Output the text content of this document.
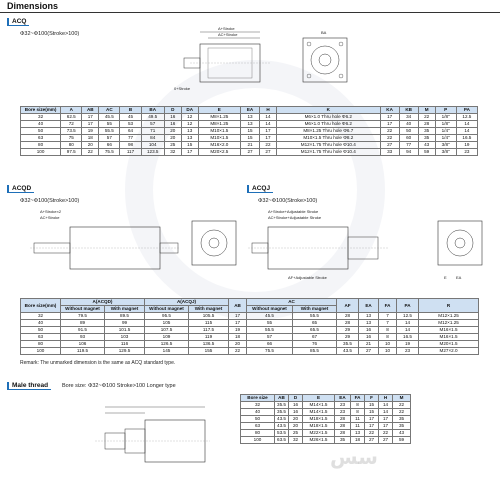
Dimensions
ﺳﺲ
ACQ
Φ32~Φ100(Stroke>100)
A+Stroke
AC+Stroke
0+Stroke
BA
Bore size(mm)	A	AB	AC	B	BA	D	DA	E	EA	H	K	KA	KB	M	P	PA
32	62.5	17	45.5	45	49.5	16	12	M8×1.25	13	14	M6×1.0 Thru hole Φ6.2	17	34	22	1/8"	12.5
40	72	17	55	53	57	16	12	M8×1.25	13	14	M6×1.0 Thru hole Φ6.2	17	40	28	1/8"	14
50	73.5	19	55.5	64	71	20	13	M10×1.5	15	17	M8×1.25 Thru hole Φ6.7	22	50	35	1/4"	14
63	75	18	57	77	84	20	13	M10×1.5	15	17	M10×1.5 Thru hole Φ8.2	22	60	35	1/4"	16.5
80	80	20	66	98	104	25	15	M16×2.0	21	22	M12×1.75 Thru hole Φ10.4	27	77	43	3/8"	19
100	97.5	22	75.5	117	123.5	32	17	M20×2.5	27	27	M12×1.75 Thru hole Φ10.4	33	94	59	3/8"	23
ACQD
Φ32~Φ100(Stroke>100)
A+Stroke×2
AC+Stroke
ACQJ
Φ32~Φ100(Stroke>100)
A+Stroke+Adjustable Stroke
AC+Stroke+Adjustable Stroke
AF+Adjustable Stroke	E EA
Bore size(mm)	A(ACQD)		A(ACQJ)		AB	AC		AF	EA	FA	PA	R
	Without magnet	With magnet	Without magnet	With magnet		Without magnet	With magnet					
32	79.5	89.5	95.5	105.5	17	45.5	55.5	28	13	7	12.5	M12×1.25
40	89	99	105	115	17	55	65	28	13	7	14	M12×1.25
50	91.5	101.5	107.5	117.5	19	55.5	65.5	29	16	8	14	M16×1.5
63	93	103	109	119	18	57	67	29	16	8	16.5	M16×1.5
80	106	116	126.5	136.5	20	66	76	35.5	21	10	19	M20×1.5
100	119.5	129.5	145	155	22	75.5	85.5	43.5	27	10	23	M27×2.0
Remark: The unmarked dimension is the same as ACQ standard type.
Male thread	Bore size: Φ32~Φ100 Stroke>100 Longer type
Bore size	AB	D	E	EA	FA	F	H	M
32	35.5	16	M14×1.5	23	8	15	14	22
40	35.5	16	M14×1.5	23	8	15	14	22
50	43.5	20	M18×1.5	28	11	17	17	35
63	43.5	20	M18×1.5	28	11	17	17	35
80	53.5	25	M22×1.5	28	13	22	22	43
100	63.5	32	M26×1.5	35	18	27	27	59
